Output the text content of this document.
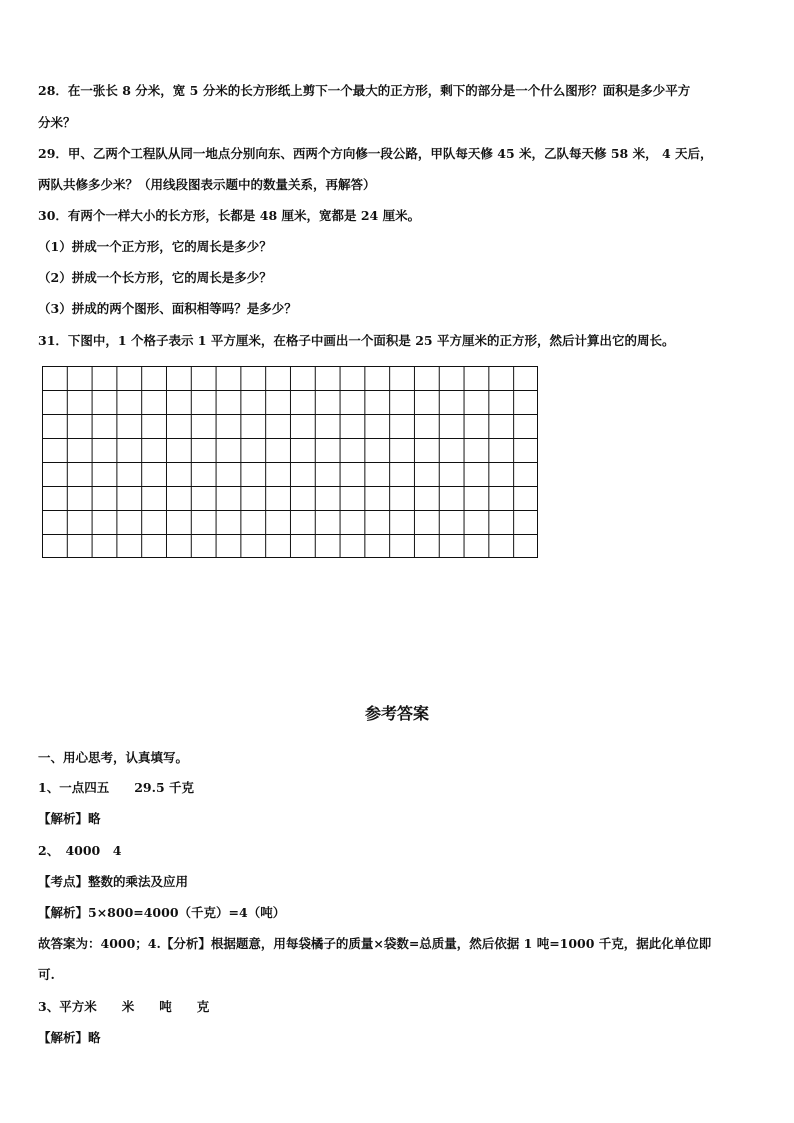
28．在一张长 8 分米，宽 5 分米的长方形纸上剪下一个最大的正方形，剩下的部分是一个什么图形？面积是多少平方
分米？
29．甲、乙两个工程队从同一地点分别向东、西两个方向修一段公路，甲队每天修 45 米，乙队每天修 58 米， 4 天后，
两队共修多少米？（用线段图表示题中的数量关系，再解答）
30．有两个一样大小的长方形，长都是 48 厘米，宽都是 24 厘米。
（1）拼成一个正方形，它的周长是多少？
（2）拼成一个长方形，它的周长是多少？
（3）拼成的两个图形、面积相等吗？是多少？
31．下图中，1 个格子表示 1 平方厘米，在格子中画出一个面积是 25 平方厘米的正方形，然后计算出它的周长。
参考答案
一、用心思考，认真填写。
1、一点四五　　29.5 千克
【解析】略
2、　4000　4
【考点】整数的乘法及应用
【解析】5×800=4000（千克）=4（吨）
故答案为：4000；4.【分析】根据题意，用每袋橘子的质量×袋数=总质量，然后依据 1 吨=1000 千克，据此化单位即
可.
3、平方米　　米　　吨　　克
【解析】略
